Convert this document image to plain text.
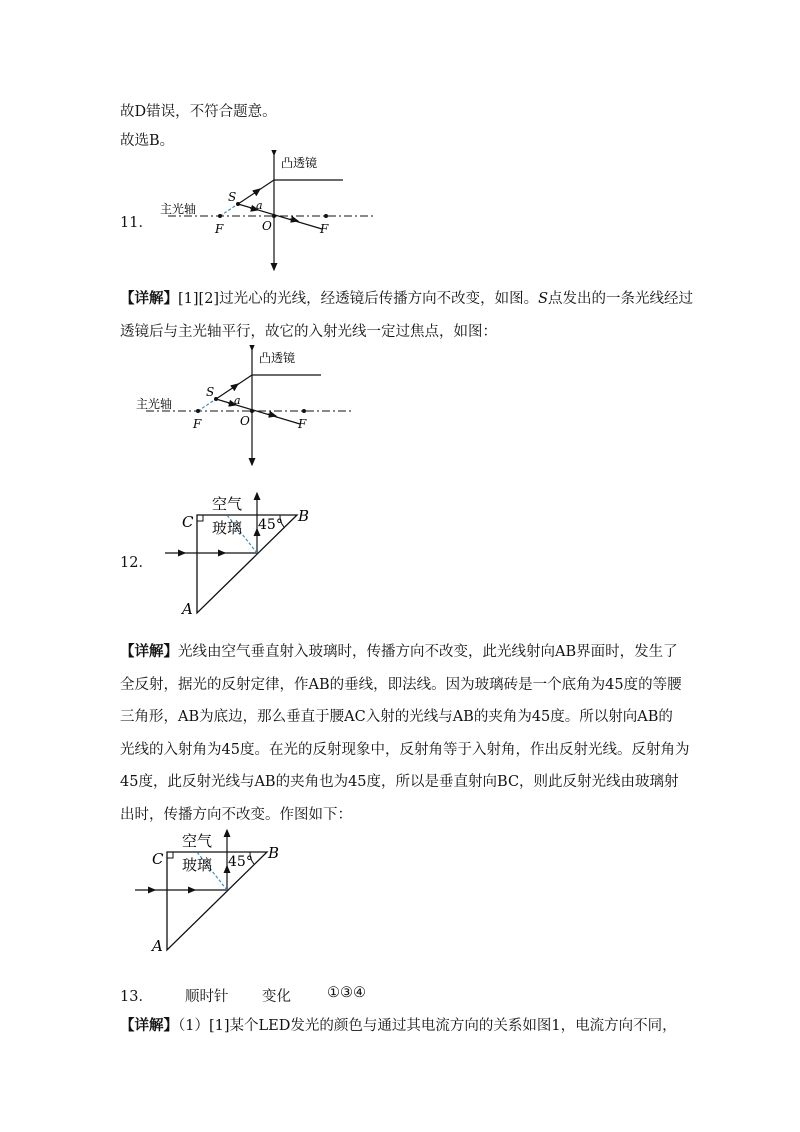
故D错误，不符合题意。
故选B。
11．
凸透镜
主光轴
S
a
O
F	F

【详解】[1][2]过光心的光线，经透镜后传播方向不改变，如图。S点发出的一条光线经过

透镜后与主光轴平行，故它的入射光线一定过焦点，如图：

凸透镜
主光轴
S
a
O
F	F
12．
空气
玻璃 45°
C	B
A

【详解】光线由空气垂直射入玻璃时，传播方向不改变，此光线射向AB界面时，发生了

全反射，据光的反射定律，作AB的垂线，即法线。因为玻璃砖是一个底角为45度的等腰

三角形，AB为底边，那么垂直于腰AC入射的光线与AB的夹角为45度。所以射向AB的

光线的入射角为45度。在光的反射现象中，反射角等于入射角，作出反射光线。反射角为

45度，此反射光线与AB的夹角也为45度，所以是垂直射向BC，则此反射光线由玻璃射

出时，传播方向不改变。作图如下：

空气
玻璃 45°
C	B
A
13． 顺时针 变化 ①③④
【详解】（1）[1]某个LED发光的颜色与通过其电流方向的关系如图1，电流方向不同，
